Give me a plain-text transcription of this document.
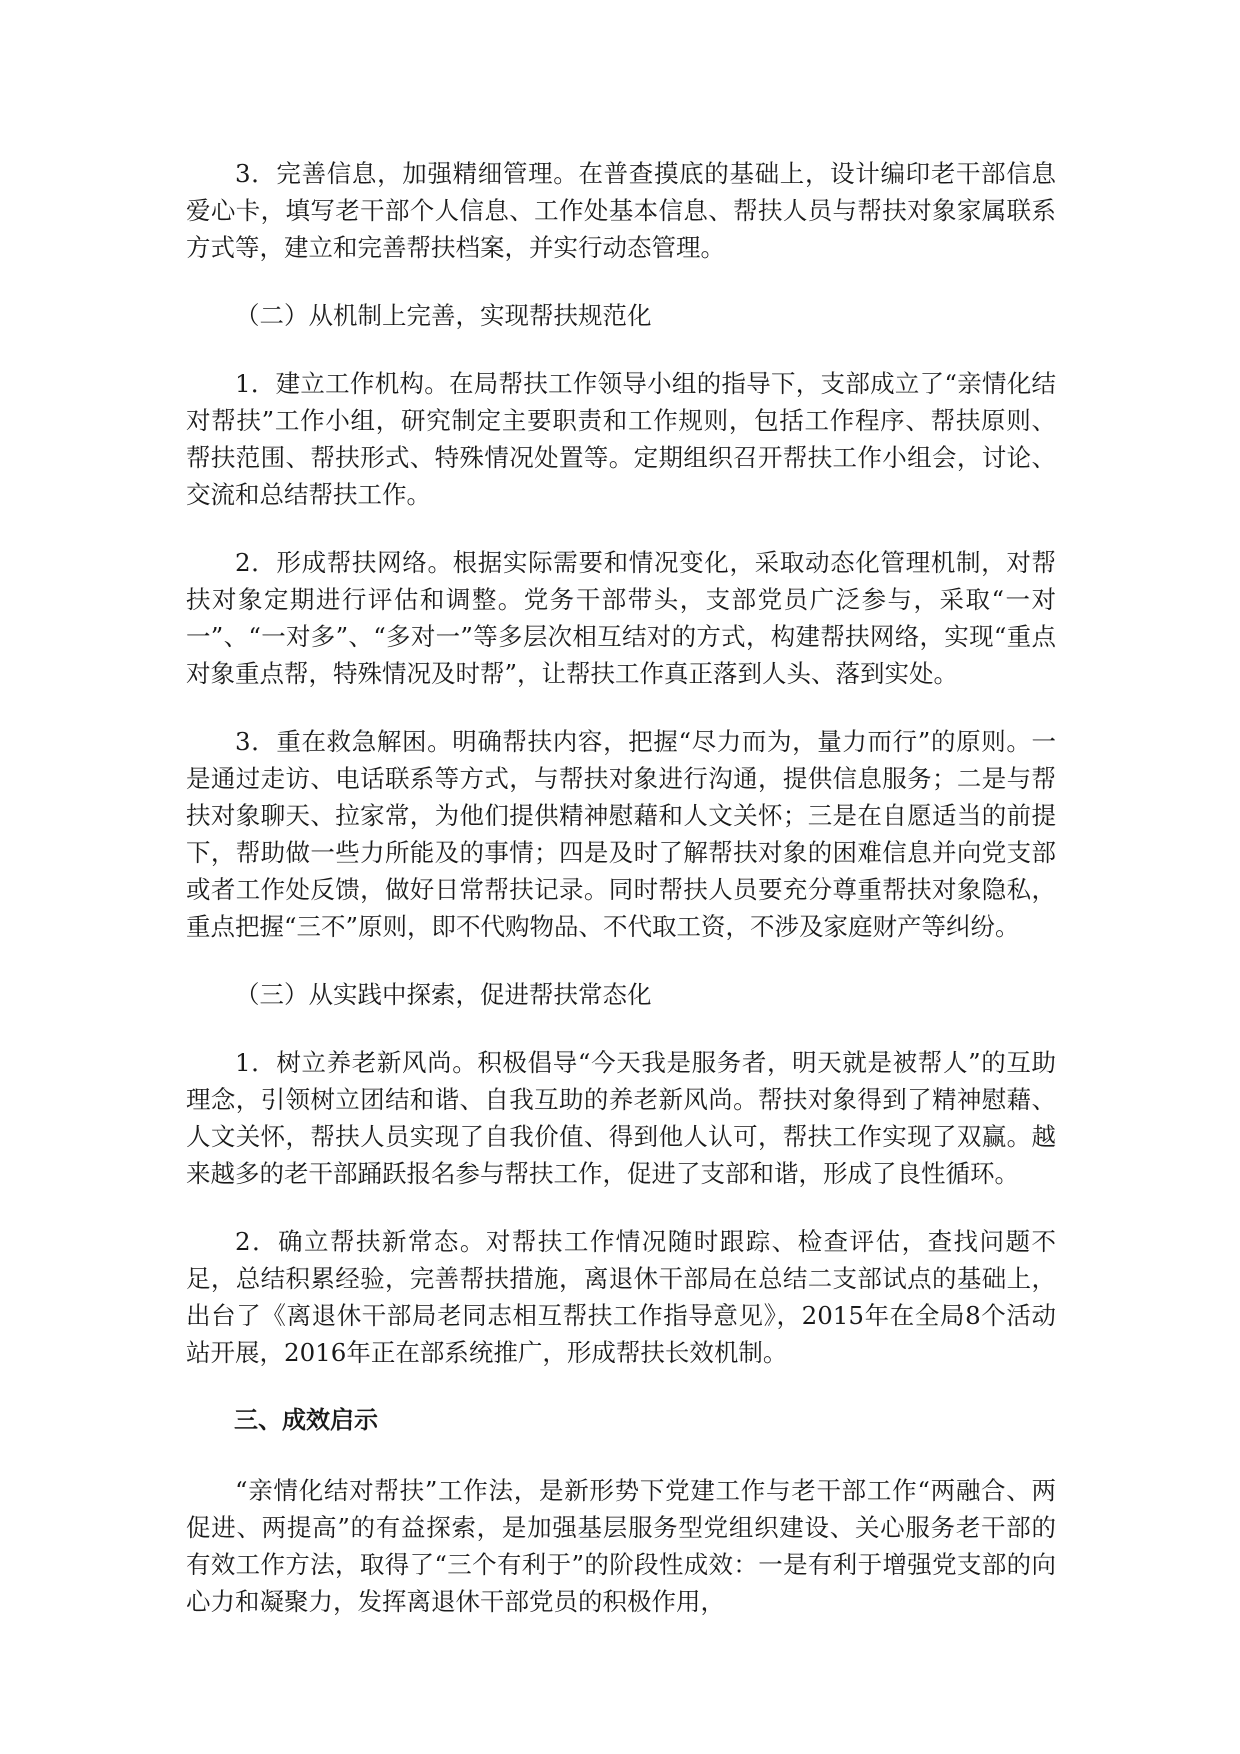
3．完善信息，加强精细管理。在普查摸底的基础上，设计编印老干部信息爱心卡，填写老干部个人信息、工作处基本信息、帮扶人员与帮扶对象家属联系方式等，建立和完善帮扶档案，并实行动态管理。

（二）从机制上完善，实现帮扶规范化

1．建立工作机构。在局帮扶工作领导小组的指导下，支部成立了“亲情化结对帮扶”工作小组，研究制定主要职责和工作规则，包括工作程序、帮扶原则、帮扶范围、帮扶形式、特殊情况处置等。定期组织召开帮扶工作小组会，讨论、交流和总结帮扶工作。

2．形成帮扶网络。根据实际需要和情况变化，采取动态化管理机制，对帮扶对象定期进行评估和调整。党务干部带头，支部党员广泛参与，采取“一对一”、“一对多”、“多对一”等多层次相互结对的方式，构建帮扶网络，实现“重点对象重点帮，特殊情况及时帮”，让帮扶工作真正落到人头、落到实处。

3．重在救急解困。明确帮扶内容，把握“尽力而为，量力而行”的原则。一是通过走访、电话联系等方式，与帮扶对象进行沟通，提供信息服务；二是与帮扶对象聊天、拉家常，为他们提供精神慰藉和人文关怀；三是在自愿适当的前提下，帮助做一些力所能及的事情；四是及时了解帮扶对象的困难信息并向党支部或者工作处反馈，做好日常帮扶记录。同时帮扶人员要充分尊重帮扶对象隐私，重点把握“三不”原则，即不代购物品、不代取工资，不涉及家庭财产等纠纷。

（三）从实践中探索，促进帮扶常态化

1．树立养老新风尚。积极倡导“今天我是服务者，明天就是被帮人”的互助理念，引领树立团结和谐、自我互助的养老新风尚。帮扶对象得到了精神慰藉、人文关怀，帮扶人员实现了自我价值、得到他人认可，帮扶工作实现了双赢。越来越多的老干部踊跃报名参与帮扶工作，促进了支部和谐，形成了良性循环。

2．确立帮扶新常态。对帮扶工作情况随时跟踪、检查评估，查找问题不足，总结积累经验，完善帮扶措施，离退休干部局在总结二支部试点的基础上，出台了《离退休干部局老同志相互帮扶工作指导意见》，2015年在全局8个活动站开展，2016年正在部系统推广，形成帮扶长效机制。

三、成效启示

“亲情化结对帮扶”工作法，是新形势下党建工作与老干部工作“两融合、两促进、两提高”的有益探索，是加强基层服务型党组织建设、关心服务老干部的有效工作方法，取得了“三个有利于”的阶段性成效：一是有利于增强党支部的向心力和凝聚力，发挥离退休干部党员的积极作用，
